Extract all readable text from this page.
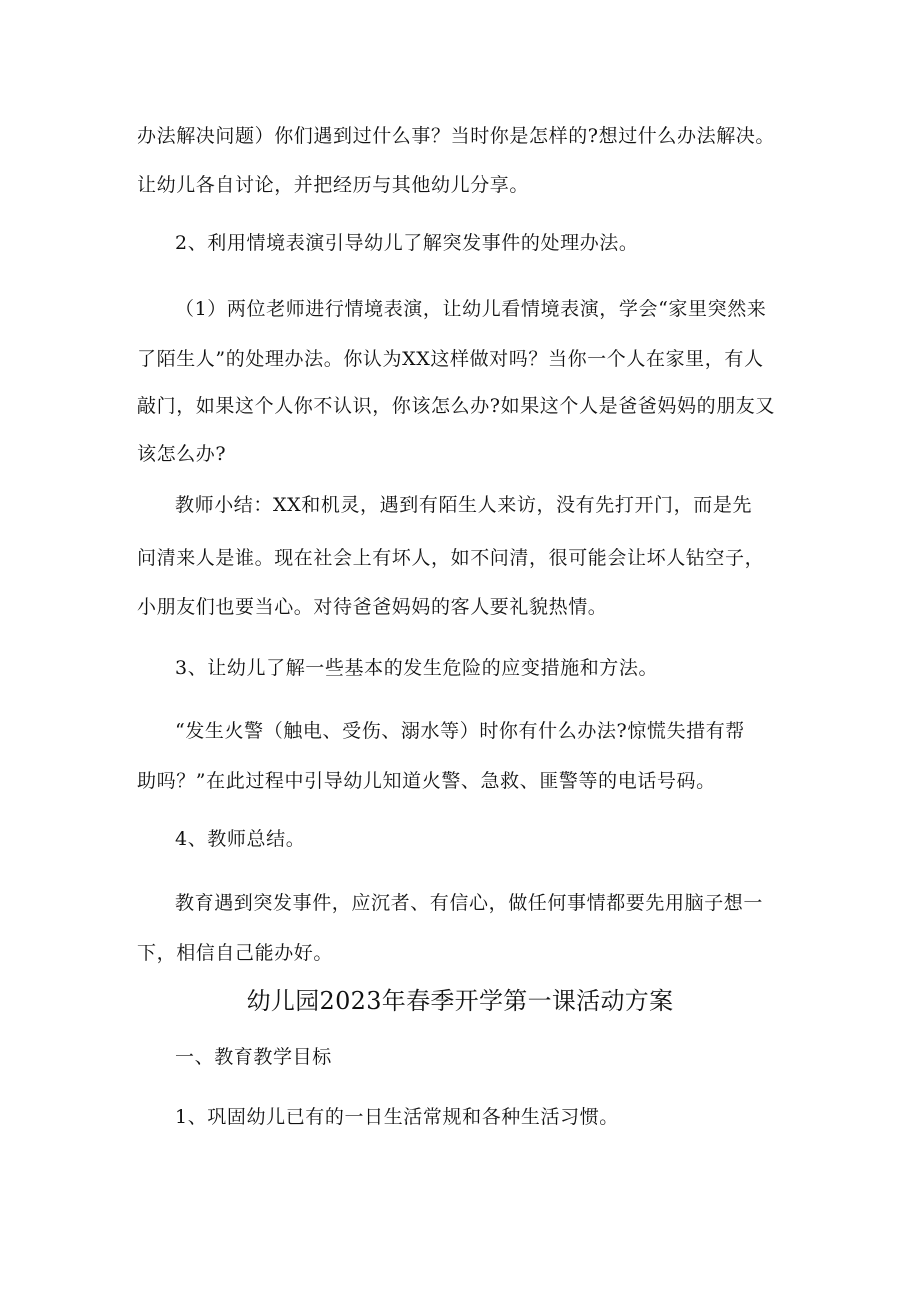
办法解决问题）你们遇到过什么事？当时你是怎样的?想过什么办法解决。
让幼儿各自讨论，并把经历与其他幼儿分享。
2、利用情境表演引导幼儿了解突发事件的处理办法。
（1）两位老师进行情境表演，让幼儿看情境表演，学会“家里突然来
了陌生人”的处理办法。你认为XX这样做对吗？当你一个人在家里，有人
敲门，如果这个人你不认识，你该怎么办?如果这个人是爸爸妈妈的朋友又
该怎么办?
教师小结：XX和机灵，遇到有陌生人来访，没有先打开门，而是先
问清来人是谁。现在社会上有坏人，如不问清，很可能会让坏人钻空子，
小朋友们也要当心。对待爸爸妈妈的客人要礼貌热情。
3、让幼儿了解一些基本的发生危险的应变措施和方法。
“发生火警（触电、受伤、溺水等）时你有什么办法?惊慌失措有帮
助吗？”在此过程中引导幼儿知道火警、急救、匪警等的电话号码。
4、教师总结。
教育遇到突发事件，应沉者、有信心，做任何事情都要先用脑子想一
下，相信自己能办好。
幼儿园2023年春季开学第一课活动方案
一、教育教学目标
1、巩固幼儿已有的一日生活常规和各种生活习惯。
